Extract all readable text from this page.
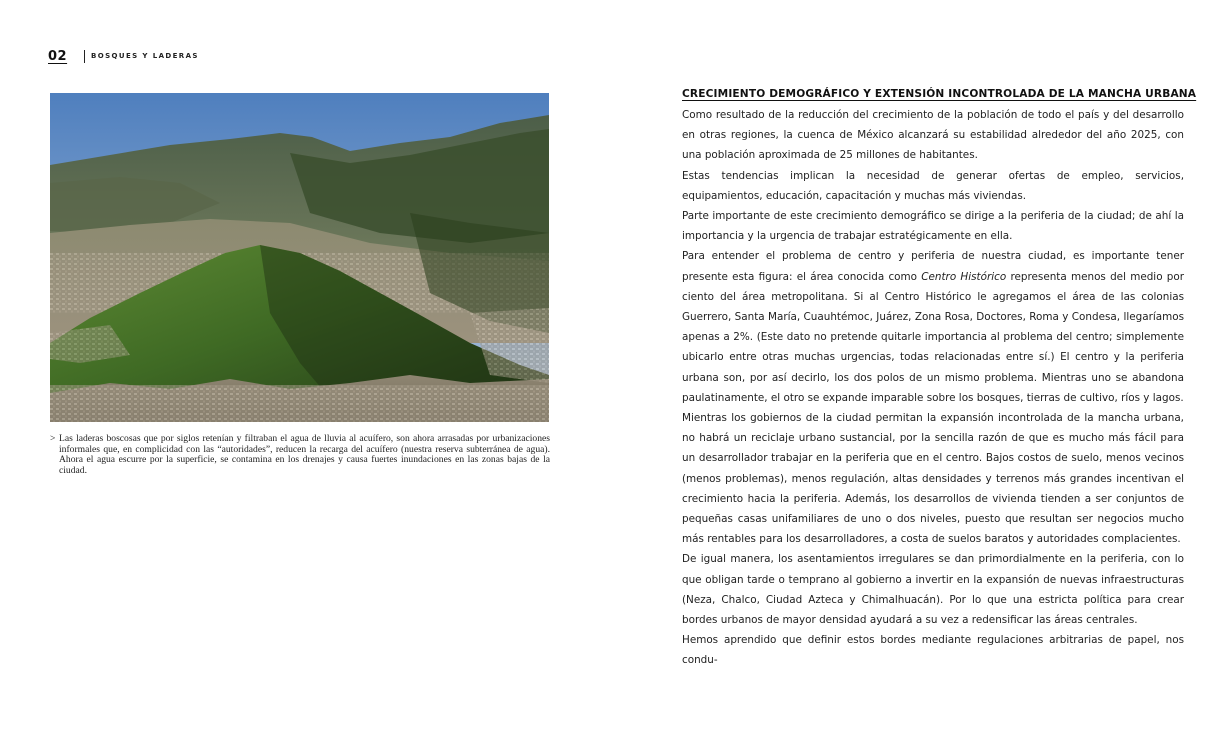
02	BOSQUES Y LADERAS
> Las laderas boscosas que por siglos retenían y filtraban el agua de lluvia al acuífero, son ahora arrasadas por urbanizaciones informales que, en complicidad con las “autoridades”, reducen la recarga del acuífero (nuestra reserva subterránea de agua). Ahora el agua escurre por la superficie, se contamina en los drenajes y causa fuertes inundaciones en las zonas bajas de la ciudad.
CRECIMIENTO DEMOGRÁFICO Y EXTENSIÓN INCONTROLADA DE LA MANCHA URBANA

Como resultado de la reducción del crecimiento de la población de todo el país y del desarrollo en otras regiones, la cuenca de México alcanzará su estabilidad alrededor del año 2025, con una población aproximada de 25 millones de habitantes.

Estas tendencias implican la necesidad de generar ofertas de empleo, servicios, equipamientos, educación, capacitación y muchas más viviendas.

Parte importante de este crecimiento demográfico se dirige a la periferia de la ciudad; de ahí la importancia y la urgencia de trabajar estratégicamente en ella.

Para entender el problema de centro y periferia de nuestra ciudad, es importante tener presente esta figura: el área conocida como Centro Histórico representa menos del medio por ciento del área metropolitana. Si al Centro Histórico le agregamos el área de las colonias Guerrero, Santa María, Cuauhtémoc, Juárez, Zona Rosa, Doctores, Roma y Condesa, llegaríamos apenas a 2%. (Este dato no pretende quitarle importancia al problema del centro; simplemente ubicarlo entre otras muchas urgencias, todas relacionadas entre sí.) El centro y la periferia urbana son, por así decirlo, los dos polos de un mismo problema. Mientras uno se abandona paulatinamente, el otro se expande imparable sobre los bosques, tierras de cultivo, ríos y lagos.

Mientras los gobiernos de la ciudad permitan la expansión incontrolada de la mancha urbana, no habrá un reciclaje urbano sustancial, por la sencilla razón de que es mucho más fácil para un desarrollador trabajar en la periferia que en el centro. Bajos costos de suelo, menos vecinos (menos problemas), menos regulación, altas densidades y terrenos más grandes incentivan el crecimiento hacia la periferia. Además, los desarrollos de vivienda tienden a ser conjuntos de pequeñas casas unifamiliares de uno o dos niveles, puesto que resultan ser negocios mucho más rentables para los desarrolladores, a costa de suelos baratos y autoridades complacientes.

De igual manera, los asentamientos irregulares se dan primordialmente en la periferia, con lo que obligan tarde o temprano al gobierno a invertir en la expansión de nuevas infraestructuras (Neza, Chalco, Ciudad Azteca y Chimalhuacán). Por lo que una estricta política para crear bordes urbanos de mayor densidad ayudará a su vez a redensificar las áreas centrales.

Hemos aprendido que definir estos bordes mediante regulaciones arbitrarias de papel, nos condu-
